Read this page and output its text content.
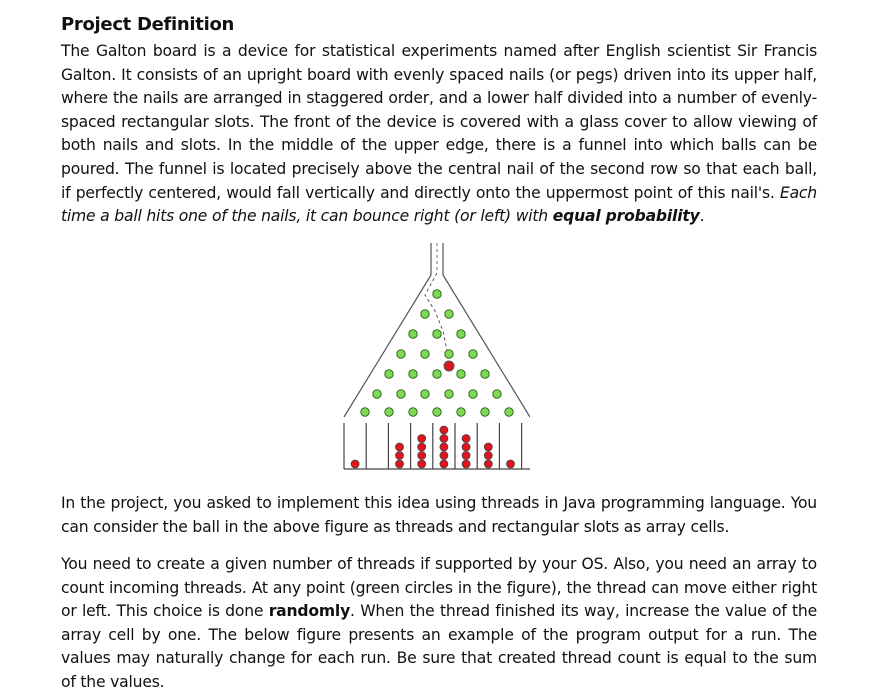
Project Definition
The Galton board is a device for statistical experiments named after English scientist Sir Francis Galton. It consists of an upright board with evenly spaced nails (or pegs) driven into its upper half, where the nails are arranged in staggered order, and a lower half divided into a number of evenly-spaced rectangular slots. The front of the device is covered with a glass cover to allow viewing of both nails and slots. In the middle of the upper edge, there is a funnel into which balls can be poured. The funnel is located precisely above the central nail of the second row so that each ball, if perfectly centered, would fall vertically and directly onto the uppermost point of this nail's. Each time a ball hits one of the nails, it can bounce right (or left) with equal probability.
In the project, you asked to implement this idea using threads in Java programming language. You can consider the ball in the above figure as threads and rectangular slots as array cells.
You need to create a given number of threads if supported by your OS. Also, you need an array to count incoming threads. At any point (green circles in the figure), the thread can move either right or left. This choice is done randomly. When the thread finished its way, increase the value of the array cell by one. The below figure presents an example of the program output for a run. The values may naturally change for each run. Be sure that created thread count is equal to the sum of the values.
